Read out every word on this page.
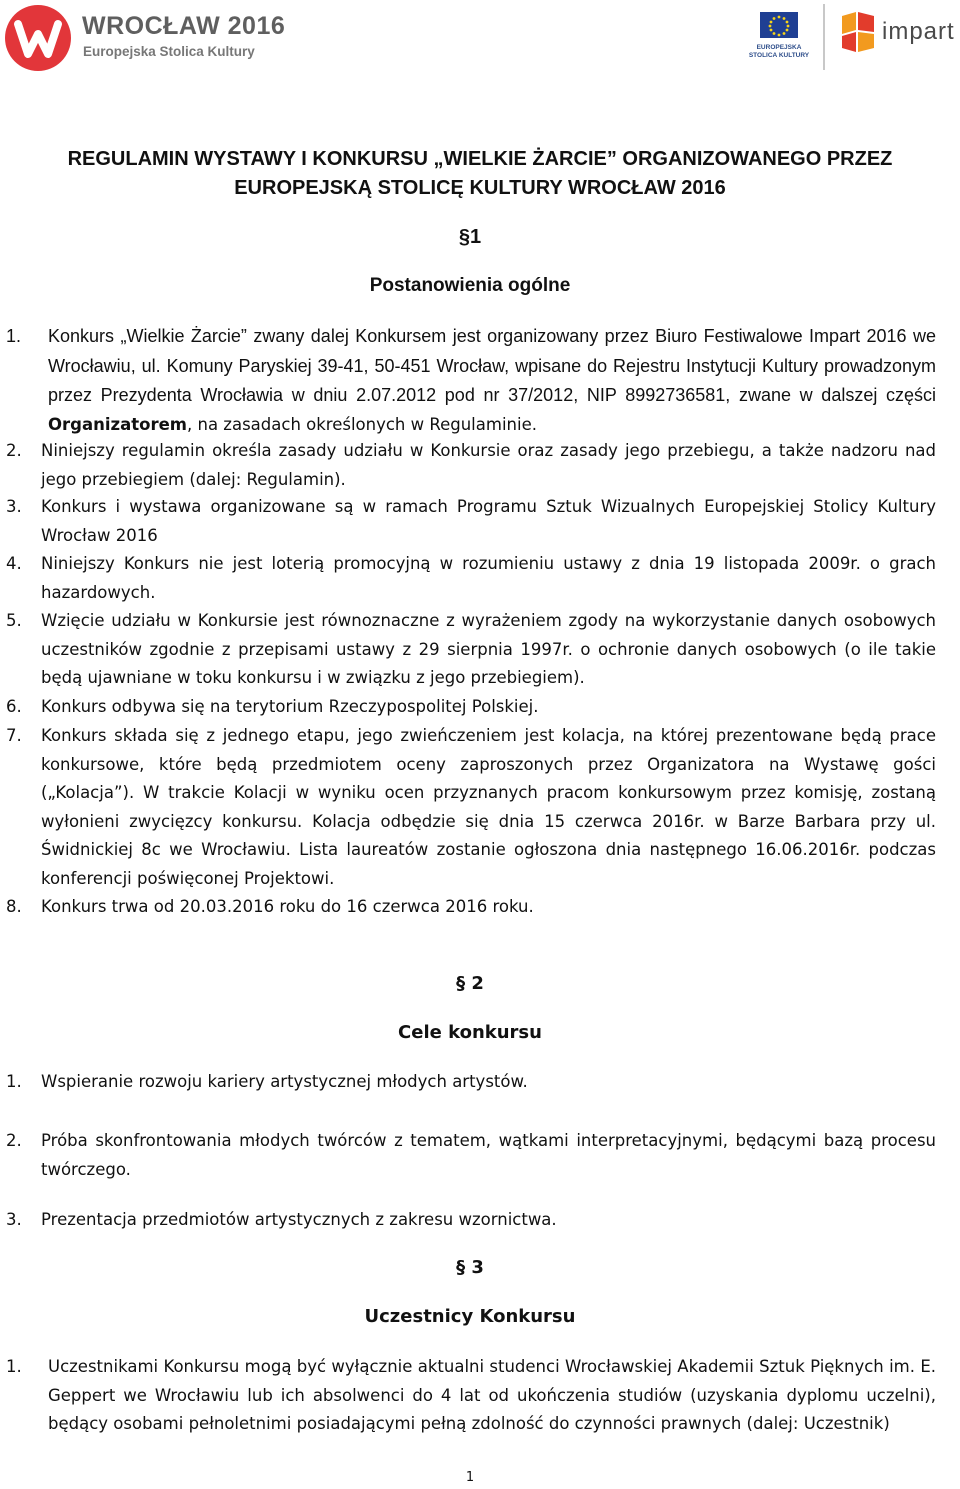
WROCŁAW 2016
Europejska Stolica Kultury	EUROPEJSKA
STOLICA KULTURY
impart
REGULAMIN WYSTAWY I KONKURSU „WIELKIE ŻARCIE” ORGANIZOWANEGO PRZEZ
EUROPEJSKĄ STOLICĘ KULTURY WROCŁAW 2016
§1
Postanowienia ogólne
1. Konkurs „Wielkie Żarcie” zwany dalej Konkursem jest organizowany przez Biuro Festiwalowe Impart 2016 we Wrocławiu, ul. Komuny Paryskiej 39-41, 50-451 Wrocław, wpisane do Rejestru Instytucji Kultury prowadzonym przez Prezydenta Wrocławia w dniu 2.07.2012 pod nr 37/2012, NIP 8992736581, zwane w dalszej części Organizatorem, na zasadach określonych w Regulaminie.
2. Niniejszy regulamin określa zasady udziału w Konkursie oraz zasady jego przebiegu, a także nadzoru nad jego przebiegiem (dalej: Regulamin).
3. Konkurs i wystawa organizowane są w ramach Programu Sztuk Wizualnych Europejskiej Stolicy Kultury Wrocław 2016
4. Niniejszy Konkurs nie jest loterią promocyjną w rozumieniu ustawy z dnia 19 listopada 2009r. o grach hazardowych.
5. Wzięcie udziału w Konkursie jest równoznaczne z wyrażeniem zgody na wykorzystanie danych osobowych uczestników zgodnie z przepisami ustawy z 29 sierpnia 1997r. o ochronie danych osobowych (o ile takie będą ujawniane w toku konkursu i w związku z jego przebiegiem).
6. Konkurs odbywa się na terytorium Rzeczypospolitej Polskiej.
7. Konkurs składa się z jednego etapu, jego zwieńczeniem jest kolacja, na której prezentowane będą prace konkursowe, które będą przedmiotem oceny zaproszonych przez Organizatora na Wystawę gości („Kolacja”). W trakcie Kolacji w wyniku ocen przyznanych pracom konkursowym przez komisję, zostaną wyłonieni zwycięzcy konkursu. Kolacja odbędzie się dnia 15 czerwca 2016r. w Barze Barbara przy ul. Świdnickiej 8c we Wrocławiu. Lista laureatów zostanie ogłoszona dnia następnego 16.06.2016r. podczas konferencji poświęconej Projektowi.
8. Konkurs trwa od 20.03.2016 roku do 16 czerwca 2016 roku.
§ 2
Cele konkursu
1. Wspieranie rozwoju kariery artystycznej młodych artystów.
2. Próba skonfrontowania młodych twórców z tematem, wątkami interpretacyjnymi, będącymi bazą procesu twórczego.
3. Prezentacja przedmiotów artystycznych z zakresu wzornictwa.
§ 3
Uczestnicy Konkursu
1. Uczestnikami Konkursu mogą być wyłącznie aktualni studenci Wrocławskiej Akademii Sztuk Pięknych im. E. Geppert we Wrocławiu lub ich absolwenci do 4 lat od ukończenia studiów (uzyskania dyplomu uczelni), będący osobami pełnoletnimi posiadającymi pełną zdolność do czynności prawnych (dalej: Uczestnik)
1
